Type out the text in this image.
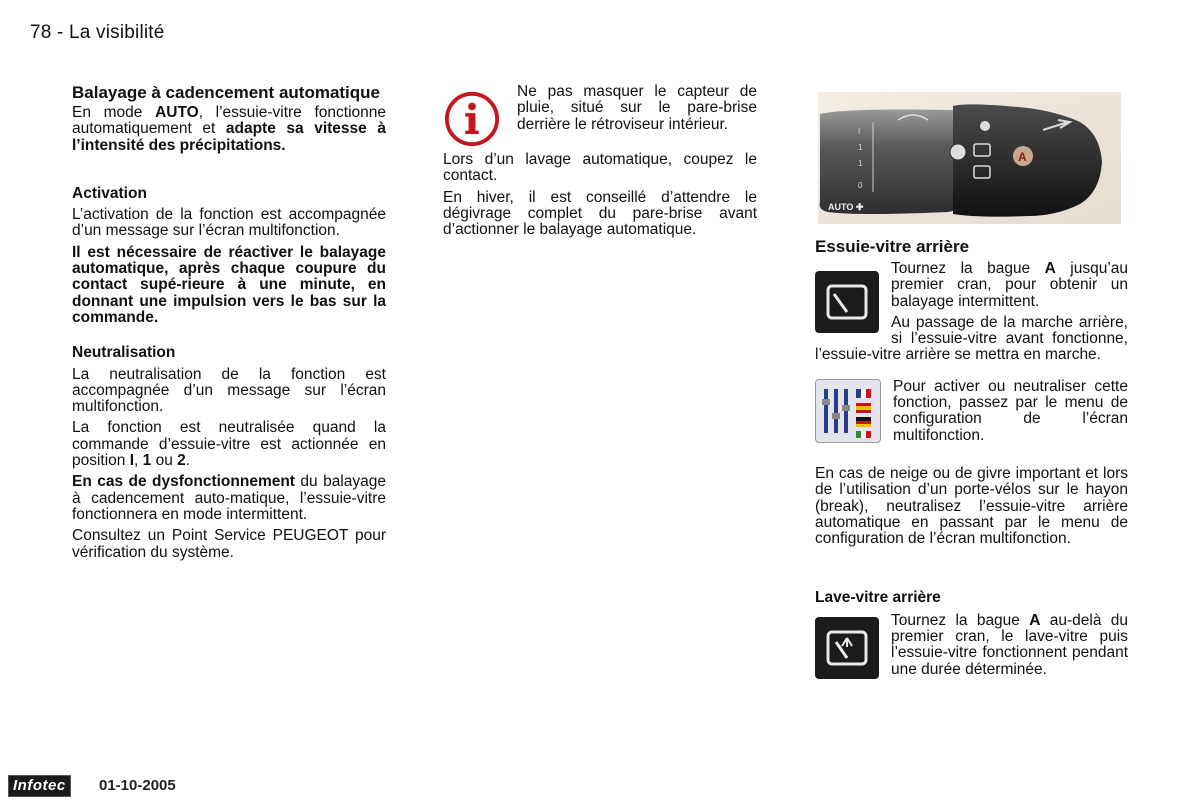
78 - La visibilité

Balayage à cadencement automatique

En mode AUTO, l’essuie-vitre fonctionne automatiquement et adapte sa vitesse à l’intensité des précipitations.

Activation

L’activation de la fonction est accompagnée d’un message sur l’écran multifonction.

Il est nécessaire de réactiver le balayage automatique, après chaque coupure du contact supé-rieure à une minute, en donnant une impulsion vers le bas sur la commande.

Neutralisation

La neutralisation de la fonction est accompagnée d’un message sur l’écran multifonction.

La fonction est neutralisée quand la commande d’essuie-vitre est actionnée en position I, 1 ou 2.

En cas de dysfonctionnement du balayage à cadencement auto-matique, l’essuie-vitre fonctionnera en mode intermittent.

Consultez un Point Service PEUGEOT pour vérification du système.

Ne pas masquer le capteur de pluie, situé sur le pare-brise derrière le rétroviseur intérieur.

Lors d’un lavage automatique, coupez le contact.

En hiver, il est conseillé d’attendre le dégivrage complet du pare-brise avant d’actionner le balayage automatique.

I
1
1
0
AUTO ✚
A

Essuie-vitre arrière

Tournez la bague A jusqu’au premier cran, pour obtenir un balayage intermittent.

Au passage de la marche arrière, si l’essuie-vitre avant fonctionne, l’essuie-vitre arrière se mettra en marche.

Pour activer ou neutraliser cette fonction, passez par le menu de configuration de l’écran multifonction.

En cas de neige ou de givre important et lors de l’utilisation d’un porte-vélos sur le hayon (break), neutralisez l’essuie-vitre arrière automatique en passant par le menu de configuration de l’écran multifonction.

Lave-vitre arrière

Tournez la bague A au-delà du premier cran, le lave-vitre puis l’essuie-vitre fonctionnent pendant une durée déterminée.

Infotec	01-10-2005
